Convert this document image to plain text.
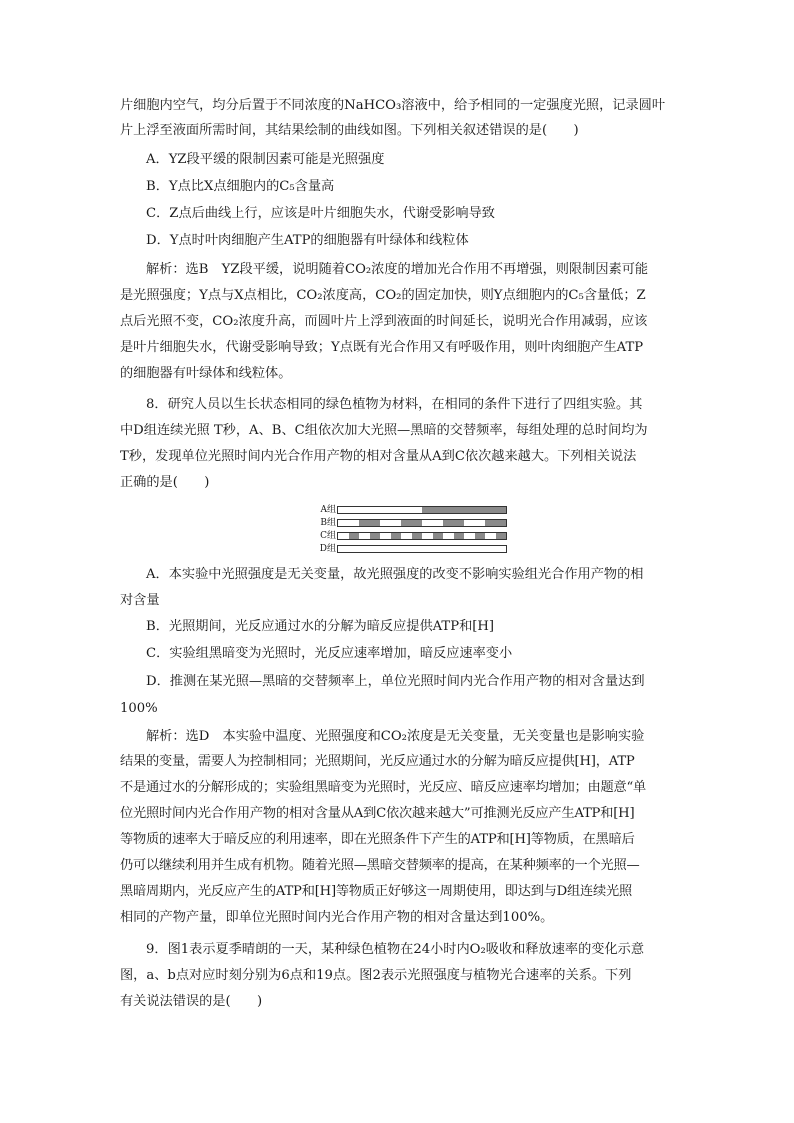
片细胞内空气，均分后置于不同浓度的NaHCO₃溶液中，给予相同的一定强度光照，记录圆叶
片上浮至液面所需时间，其结果绘制的曲线如图。下列相关叙述错误的是(　　)
A．YZ段平缓的限制因素可能是光照强度
B．Y点比X点细胞内的C₅含量高
C．Z点后曲线上行，应该是叶片细胞失水，代谢受影响导致
D．Y点时叶肉细胞产生ATP的细胞器有叶绿体和线粒体
解析：选B　YZ段平缓，说明随着CO₂浓度的增加光合作用不再增强，则限制因素可能
是光照强度；Y点与X点相比，CO₂浓度高，CO₂的固定加快，则Y点细胞内的C₅含量低；Z
点后光照不变，CO₂浓度升高，而圆叶片上浮到液面的时间延长，说明光合作用减弱，应该
是叶片细胞失水，代谢受影响导致；Y点既有光合作用又有呼吸作用，则叶肉细胞产生ATP
的细胞器有叶绿体和线粒体。
8．研究人员以生长状态相同的绿色植物为材料，在相同的条件下进行了四组实验。其
中D组连续光照 T秒，A、B、C组依次加大光照—黑暗的交替频率，每组处理的总时间均为
T秒，发现单位光照时间内光合作用产物的相对含量从A到C依次越来越大。下列相关说法
正确的是(　　)
A组
B组
C组
D组
A．本实验中光照强度是无关变量，故光照强度的改变不影响实验组光合作用产物的相
对含量
B．光照期间，光反应通过水的分解为暗反应提供ATP和[H]
C．实验组黑暗变为光照时，光反应速率增加，暗反应速率变小
D．推测在某光照—黑暗的交替频率上，单位光照时间内光合作用产物的相对含量达到
100%
解析：选D　本实验中温度、光照强度和CO₂浓度是无关变量，无关变量也是影响实验
结果的变量，需要人为控制相同；光照期间，光反应通过水的分解为暗反应提供[H]，ATP
不是通过水的分解形成的；实验组黑暗变为光照时，光反应、暗反应速率均增加；由题意“单
位光照时间内光合作用产物的相对含量从A到C依次越来越大”可推测光反应产生ATP和[H]
等物质的速率大于暗反应的利用速率，即在光照条件下产生的ATP和[H]等物质，在黑暗后
仍可以继续利用并生成有机物。随着光照—黑暗交替频率的提高，在某种频率的一个光照—
黑暗周期内，光反应产生的ATP和[H]等物质正好够这一周期使用，即达到与D组连续光照
相同的产物产量，即单位光照时间内光合作用产物的相对含量达到100%。
9．图1表示夏季晴朗的一天，某种绿色植物在24小时内O₂吸收和释放速率的变化示意
图，a、b点对应时刻分别为6点和19点。图2表示光照强度与植物光合速率的关系。下列
有关说法错误的是(　　)
